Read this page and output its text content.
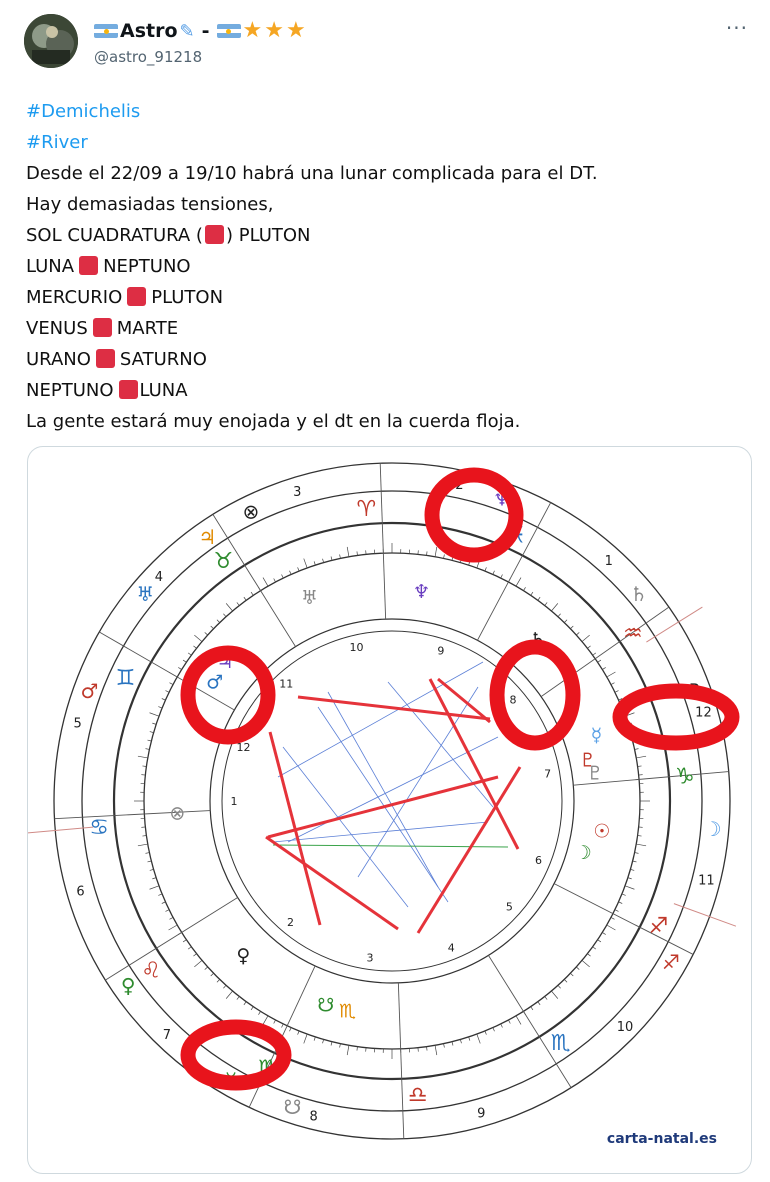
Astro ✎ - ★ ★ ★
@astro_91218
···
#Demichelis
#River
Desde el 22/09 a 19/10 habrá una lunar complicada para el DT.
Hay demasiadas tensiones,
SOL CUADRATURA ( ) PLUTON
LUNA NEPTUNO
MERCURIO PLUTON
VENUS MARTE
URANO SATURNO
NEPTUNO LUNA
La gente estará muy enojada y el dt en la cuerda floja.
1
2
3
4
5
6
7
8	9
10
11
12
♈
♉
♊
♋
♌
♍
♎
♏
♐
♑
♒
♓
♆
♄
♇
☽
♐
♂
♀
☿
♃
♅
⊗
☋
♆
♇
♄
☿
♇
☉
☽
☋ ♏
♂
♀
♅
♃
⊗
1
2
3
4
5
6
7
8
9
10
11
12
carta-natal.es
